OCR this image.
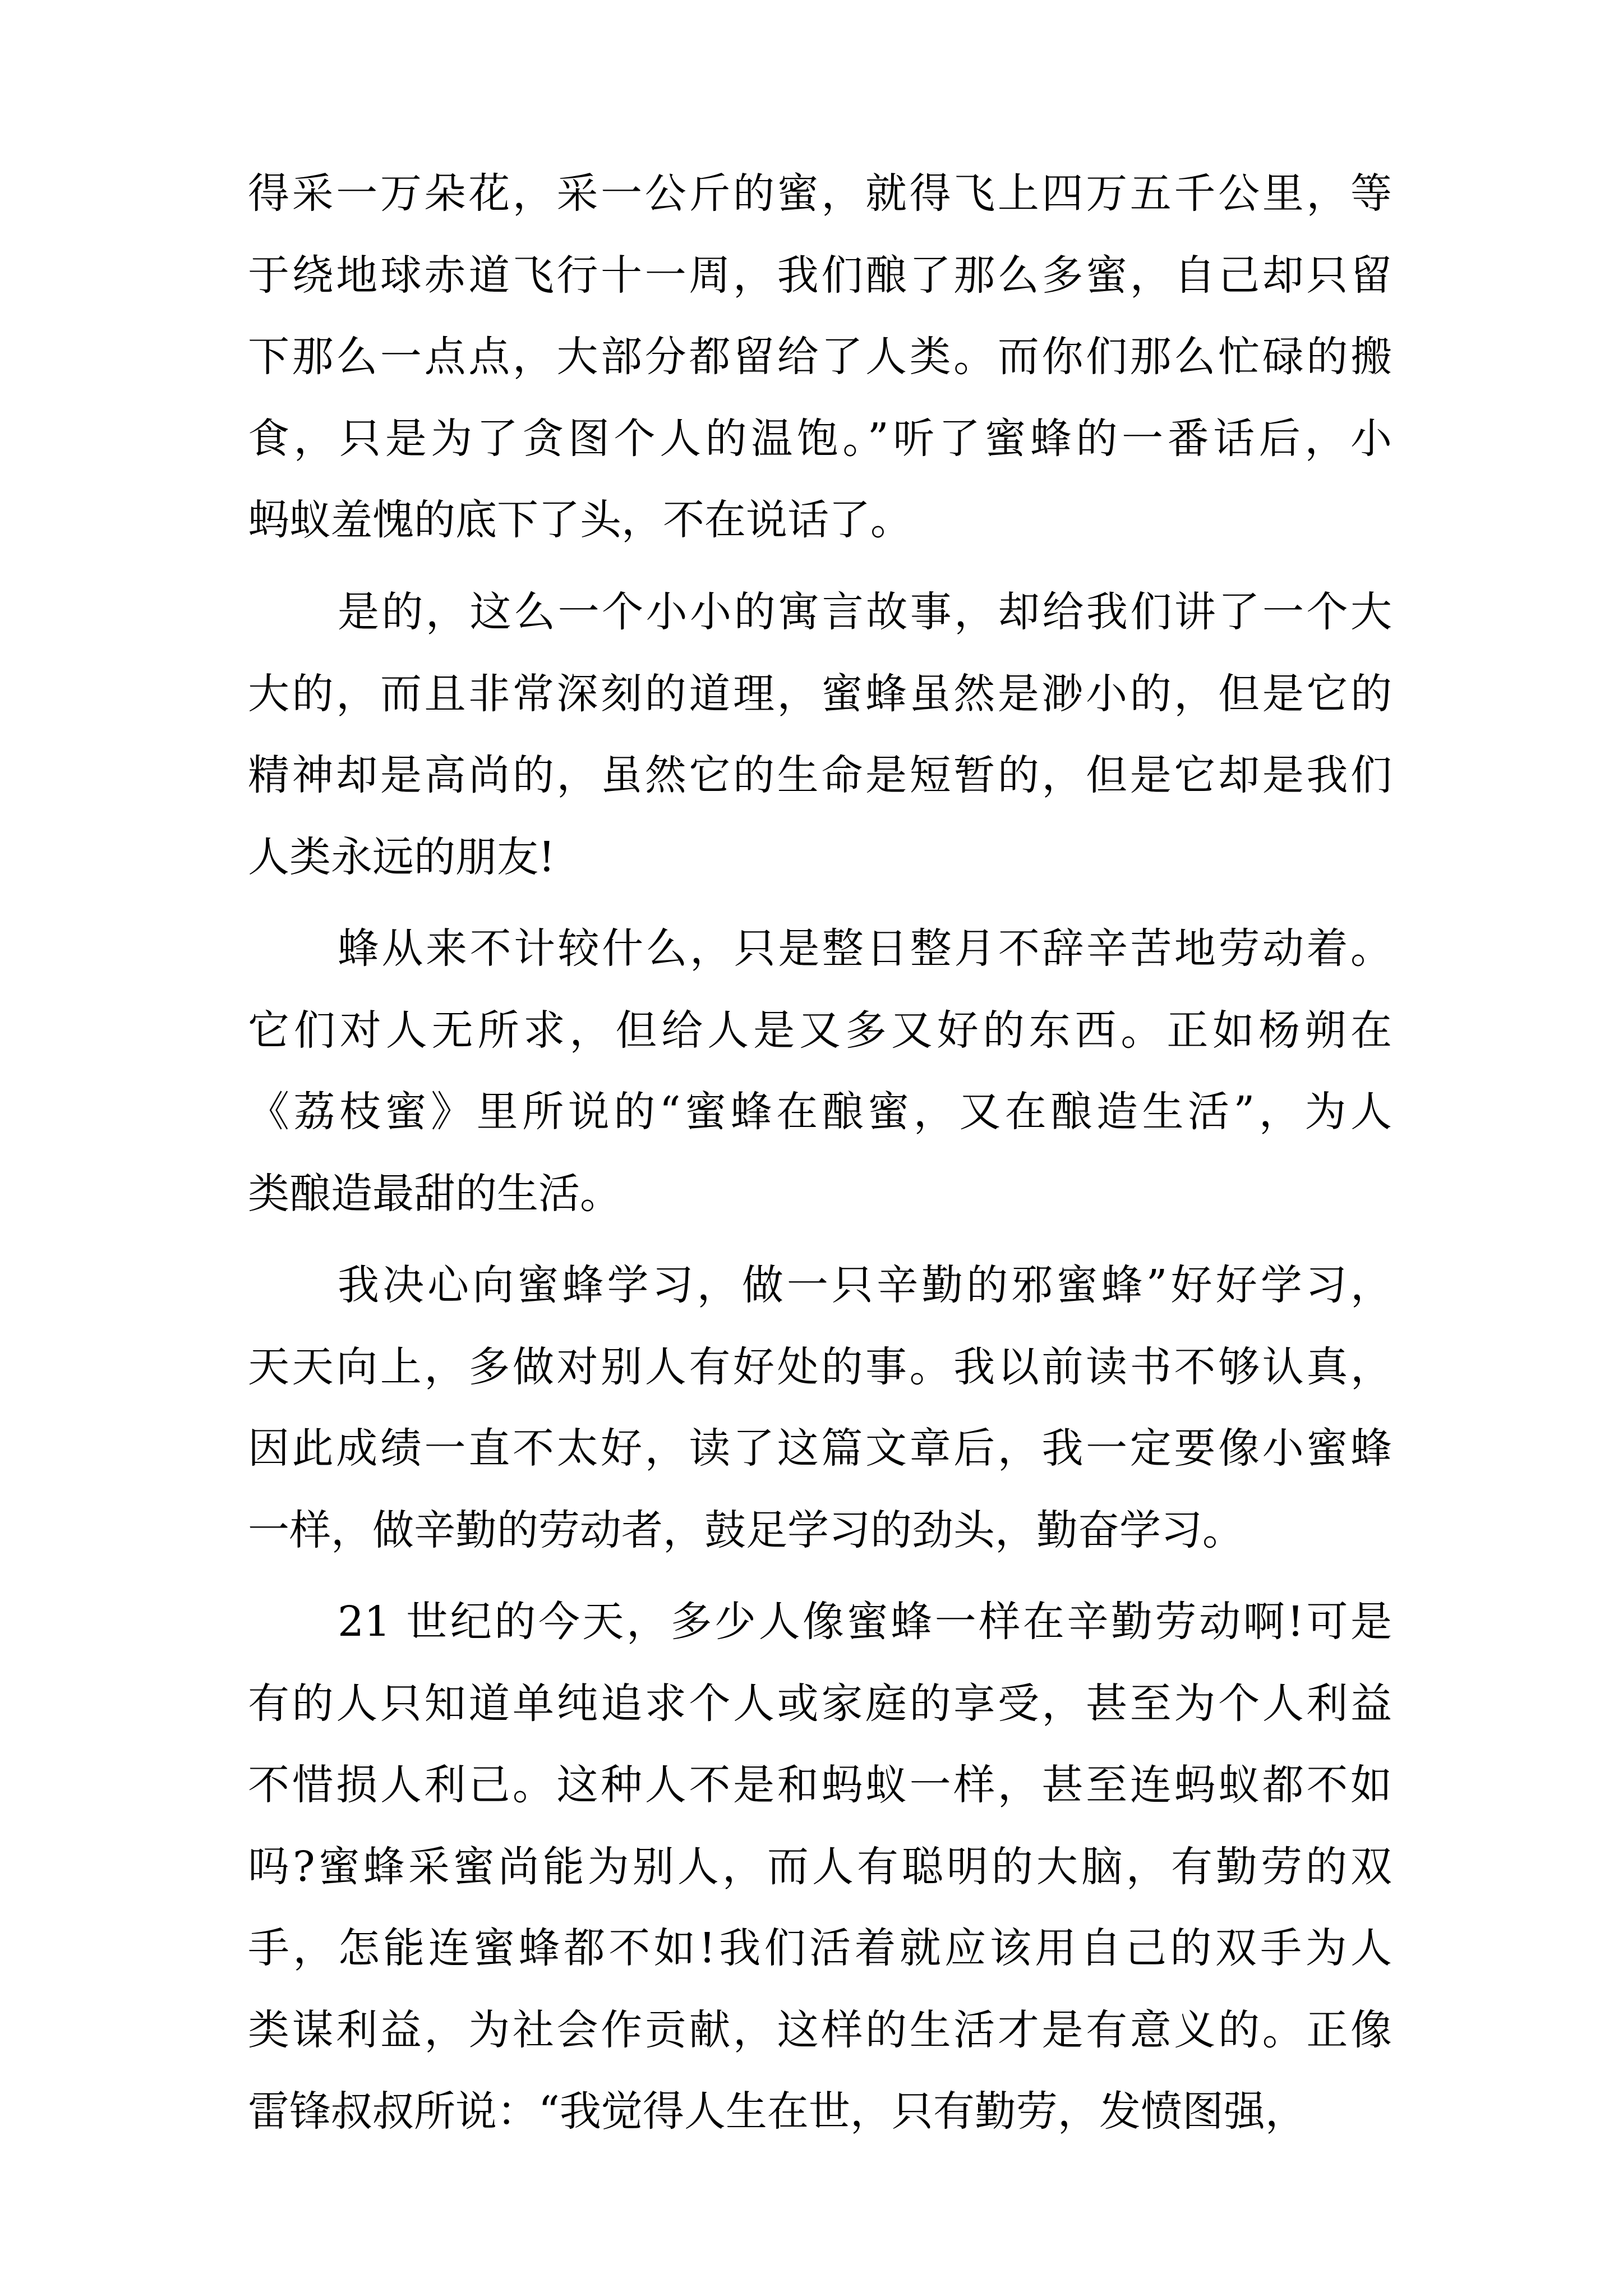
得采一万朵花，采一公斤的蜜，就得飞上四万五千公里，等
于绕地球赤道飞行十一周，我们酿了那么多蜜，自己却只留
下那么一点点，大部分都留给了人类。而你们那么忙碌的搬
食，只是为了贪图个人的温饱。”听了蜜蜂的一番话后，小
蚂蚁羞愧的底下了头，不在说话了。
是的，这么一个小小的寓言故事，却给我们讲了一个大
大的，而且非常深刻的道理，蜜蜂虽然是渺小的，但是它的
精神却是高尚的，虽然它的生命是短暂的，但是它却是我们
人类永远的朋友!
蜂从来不计较什么，只是整日整月不辞辛苦地劳动着。
它们对人无所求，但给人是又多又好的东西。正如杨朔在
《荔枝蜜》里所说的“蜜蜂在酿蜜，又在酿造生活”，为人
类酿造最甜的生活。
我决心向蜜蜂学习，做一只辛勤的邪蜜蜂”好好学习，
天天向上，多做对别人有好处的事。我以前读书不够认真，
因此成绩一直不太好，读了这篇文章后，我一定要像小蜜蜂
一样，做辛勤的劳动者，鼓足学习的劲头，勤奋学习。
21 世纪的今天，多少人像蜜蜂一样在辛勤劳动啊!可是
有的人只知道单纯追求个人或家庭的享受，甚至为个人利益
不惜损人利己。这种人不是和蚂蚁一样，甚至连蚂蚁都不如
吗?蜜蜂采蜜尚能为别人，而人有聪明的大脑，有勤劳的双
手，怎能连蜜蜂都不如!我们活着就应该用自己的双手为人
类谋利益，为社会作贡献，这样的生活才是有意义的。正像
雷锋叔叔所说：“我觉得人生在世，只有勤劳，发愤图强，
